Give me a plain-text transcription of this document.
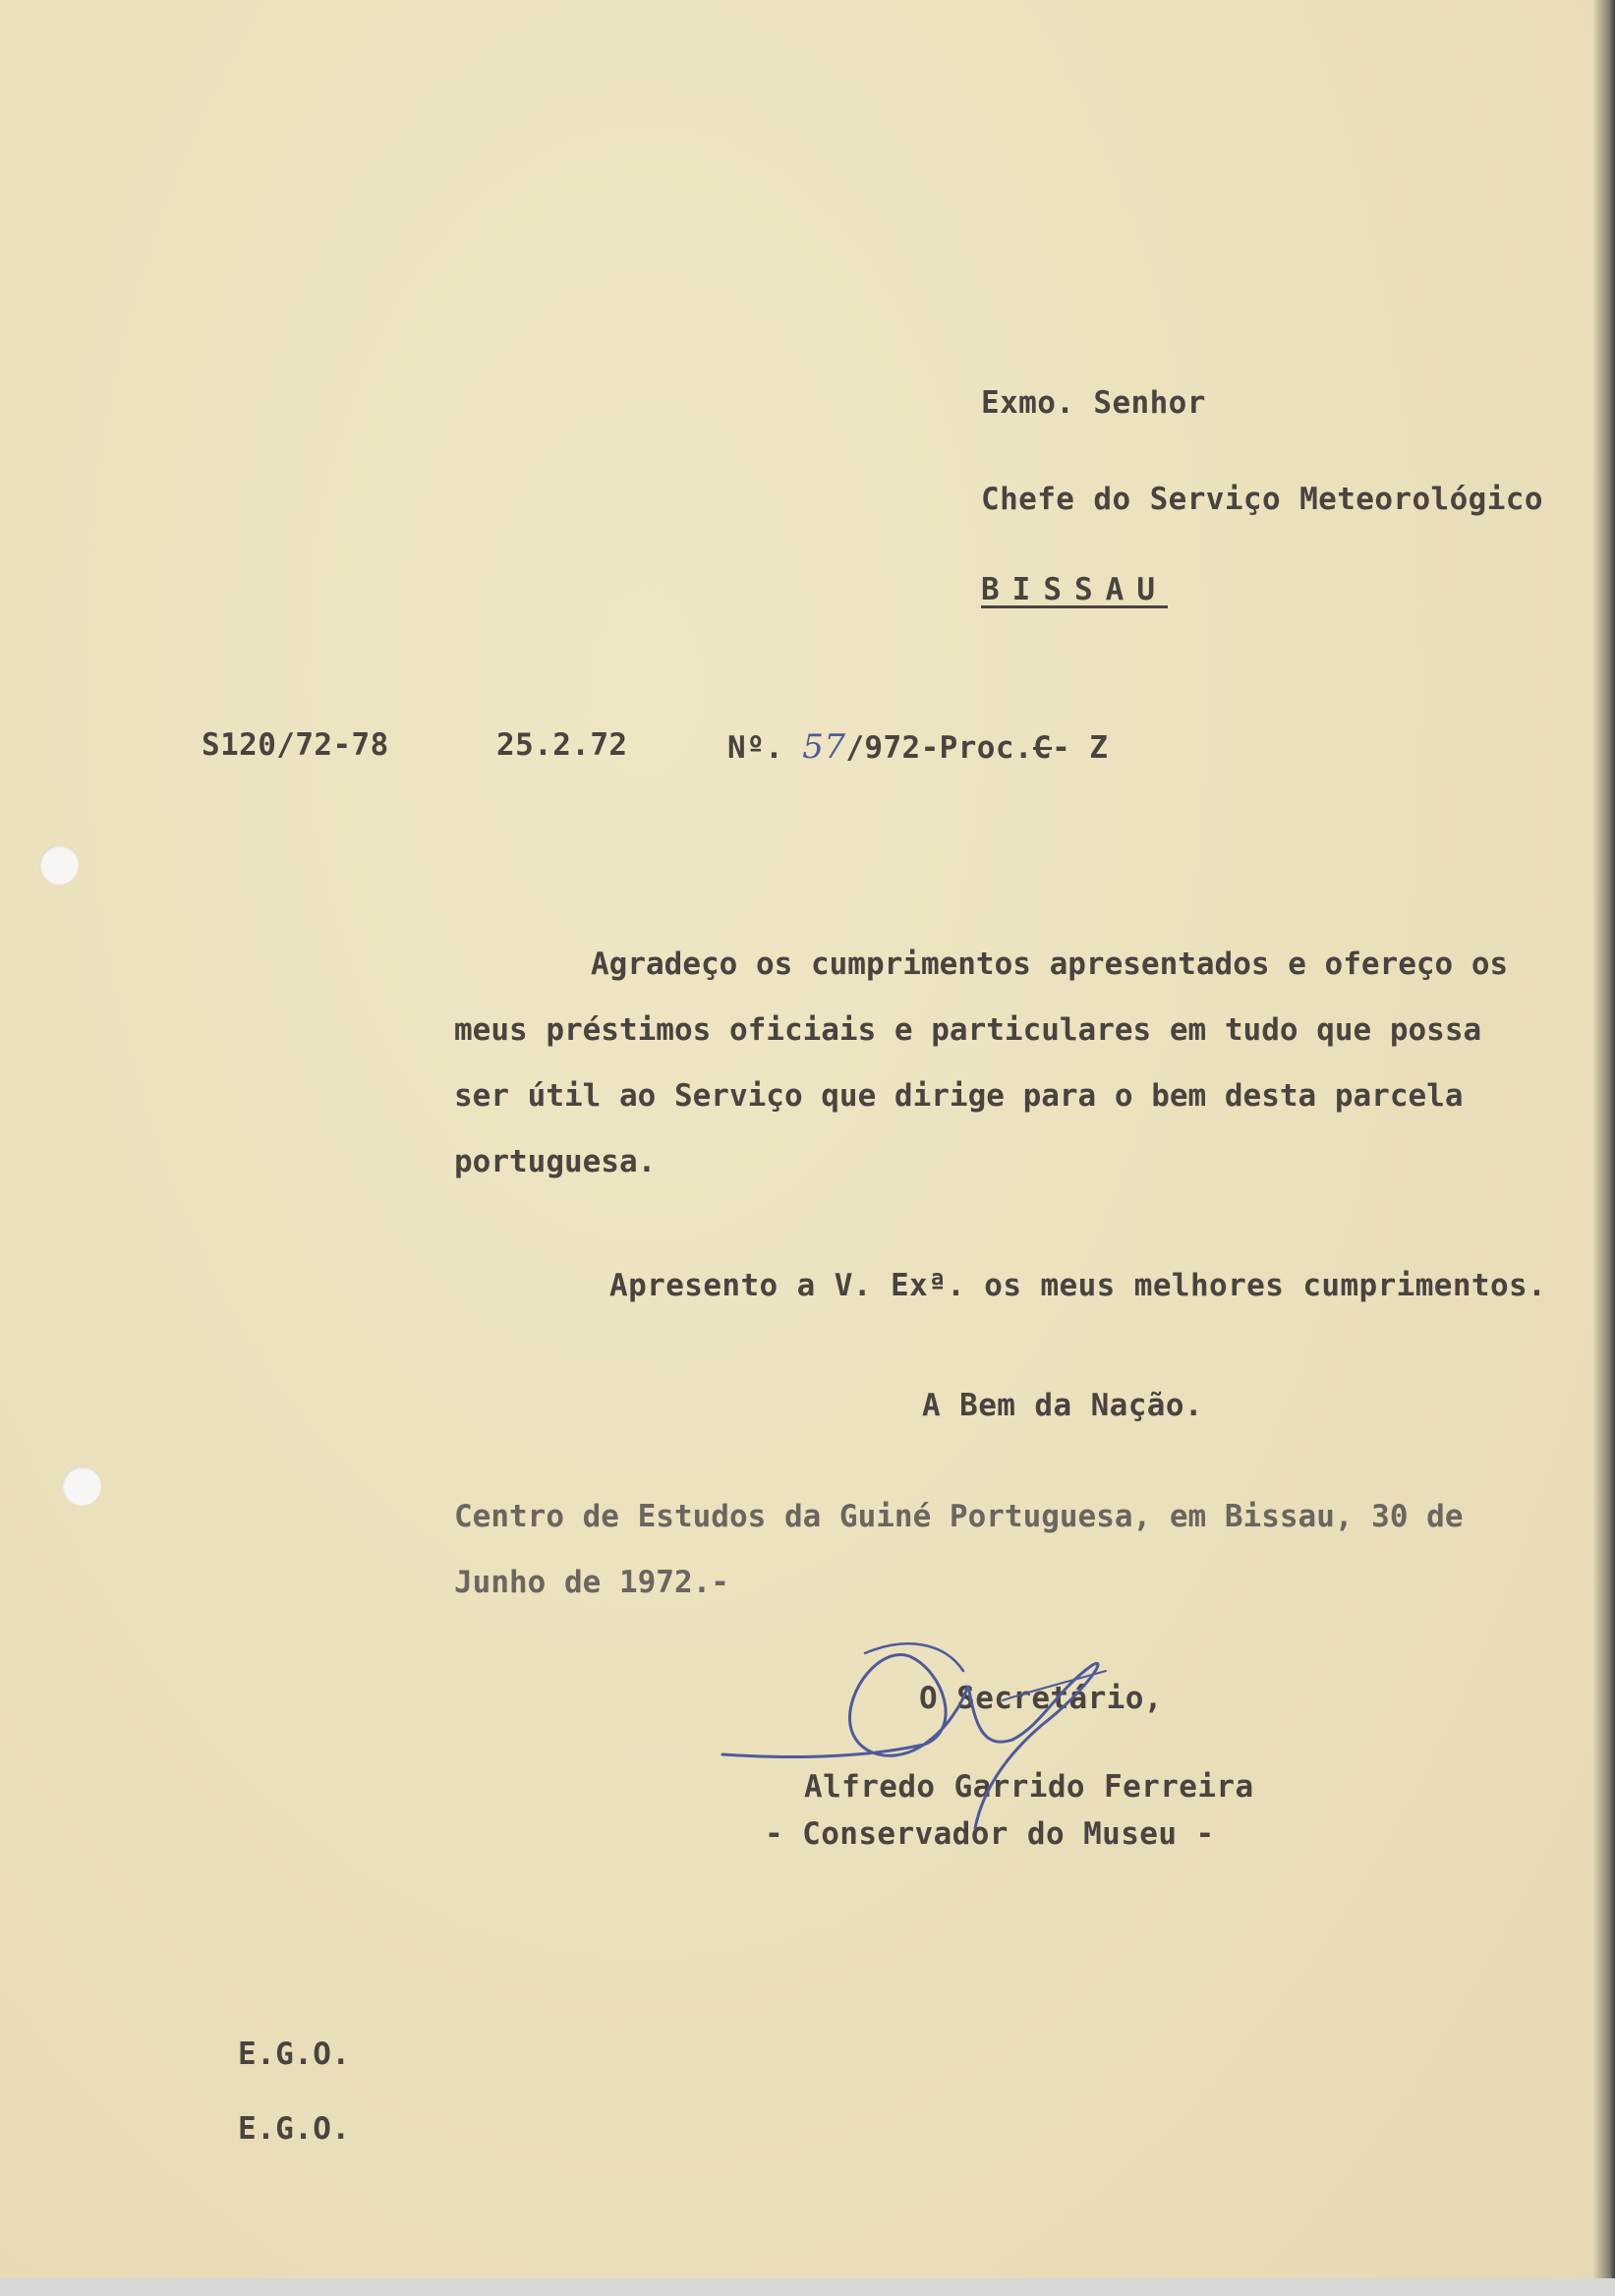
Exmo. Senhor

Chefe do Serviço Meteorológico

BISSAU

S120/72-78	25.2.72	Nº. 57/972-Proc.C- Z

Agradeço os cumprimentos apresentados e ofereço os
meus préstimos oficiais e particulares em tudo que possa
ser útil ao Serviço que dirige para o bem desta parcela
portuguesa.

Apresento a V. Exª. os meus melhores cumprimentos.

A Bem da Nação.

Centro de Estudos da Guiné Portuguesa, em Bissau, 30 de
Junho de 1972.-

O Secretário,

Alfredo Garrido Ferreira

- Conservador do Museu -

E.G.O.

E.G.O.
